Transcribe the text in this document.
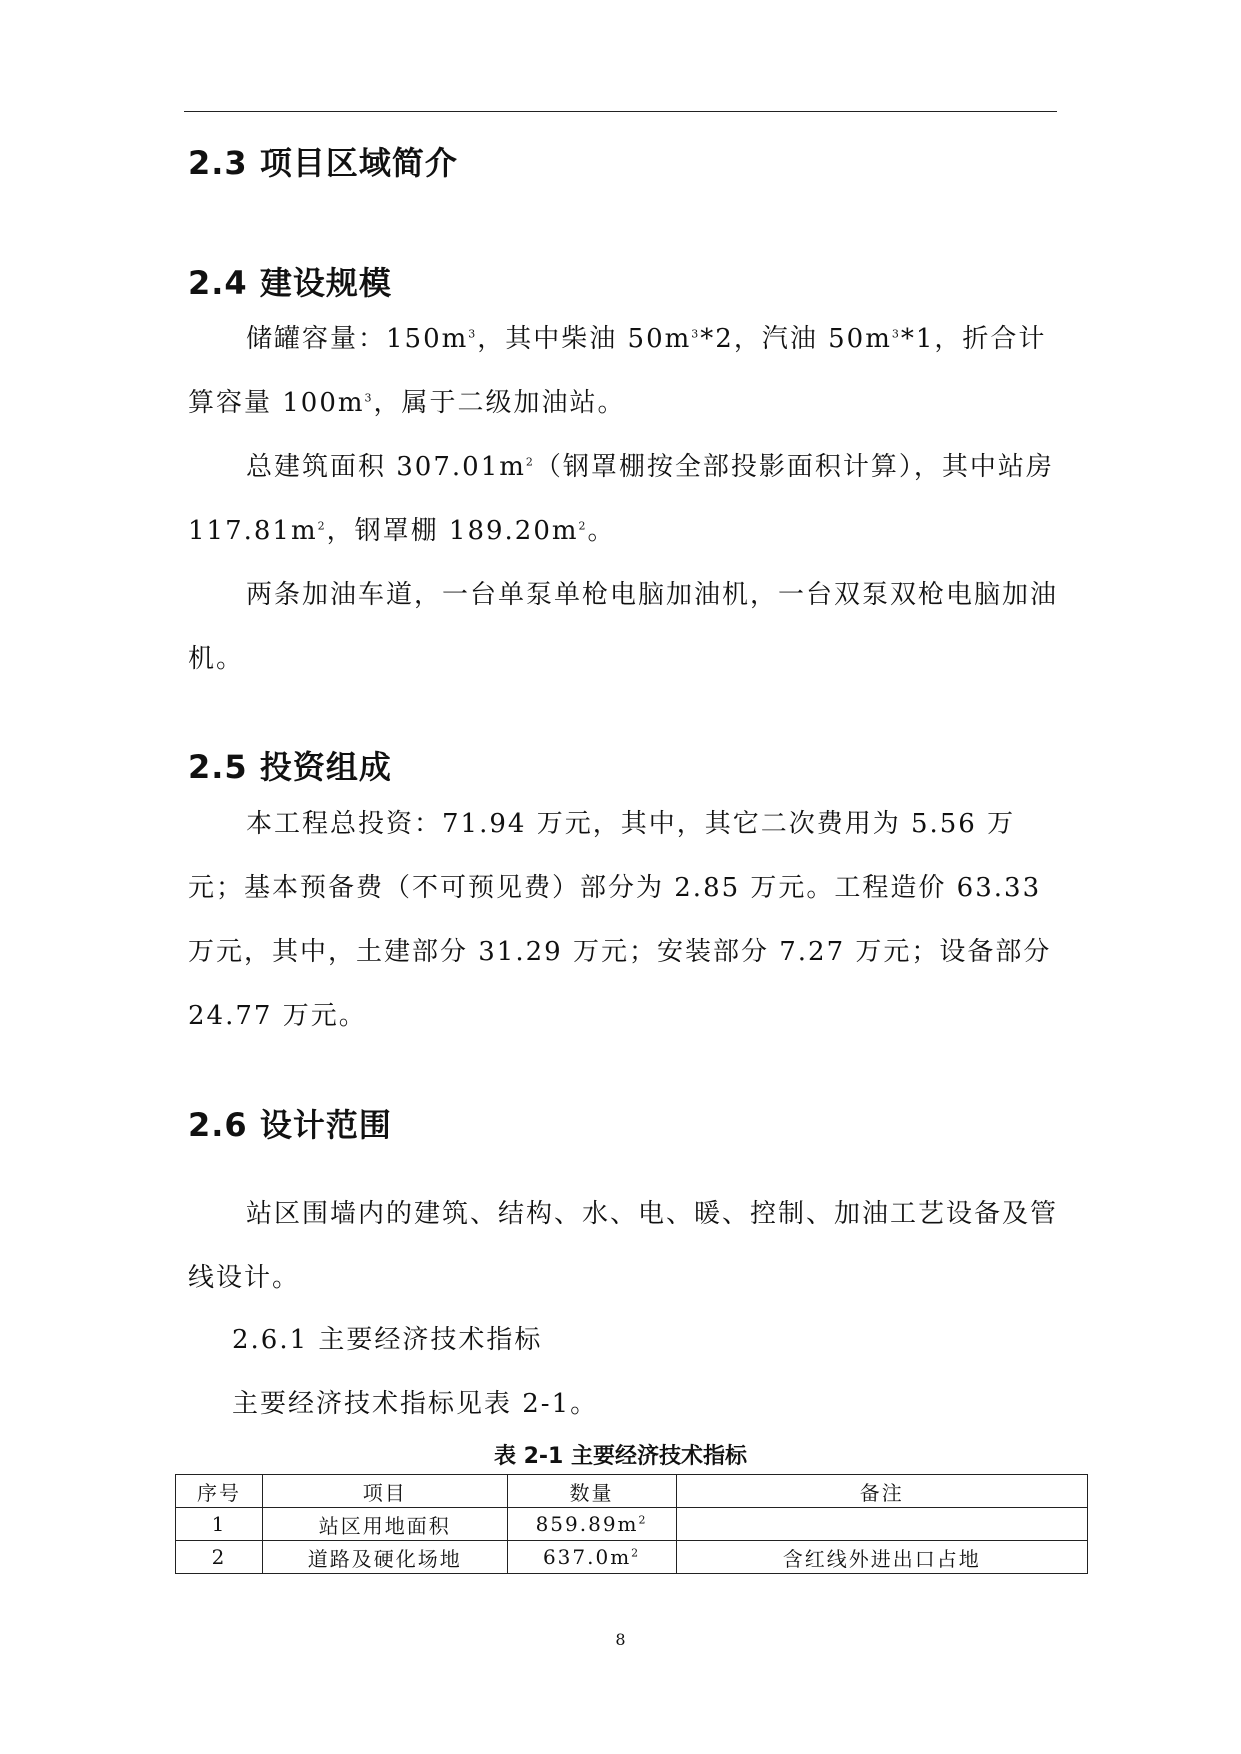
2.3 项目区域简介
2.4 建设规模

储罐容量：$150m^3$，其中柴油 $50m^3*2$，汽油 $50m^3*1$，折合计算容量 $100m^3$，属于二级加油站。

总建筑面积 $307.01m^2$（钢罩棚按全部投影面积计算），其中站房 $117.81m^2$，钢罩棚 $189.20m^2$。

两条加油车道，一台单泵单枪电脑加油机，一台双泵双枪电脑加油机。

2.5 投资组成

本工程总投资：71.94 万元，其中，其它二次费用为 5.56 万元；基本预备费（不可预见费）部分为 2.85 万元。工程造价 63.33 万元，其中，土建部分 31.29 万元；安装部分 7.27 万元；设备部分 24.77 万元。

2.6 设计范围

站区围墙内的建筑、结构、水、电、暖、控制、加油工艺设备及管线设计。

2.6.1 主要经济技术指标

主要经济技术指标见表 2-1。

表 2-1 主要经济技术指标

序号	项目	数量	备注
1	站区用地面积	$859.89m^2$	
2	道路及硬化场地	$637.0m^2$	含红线外进出口占地
8
